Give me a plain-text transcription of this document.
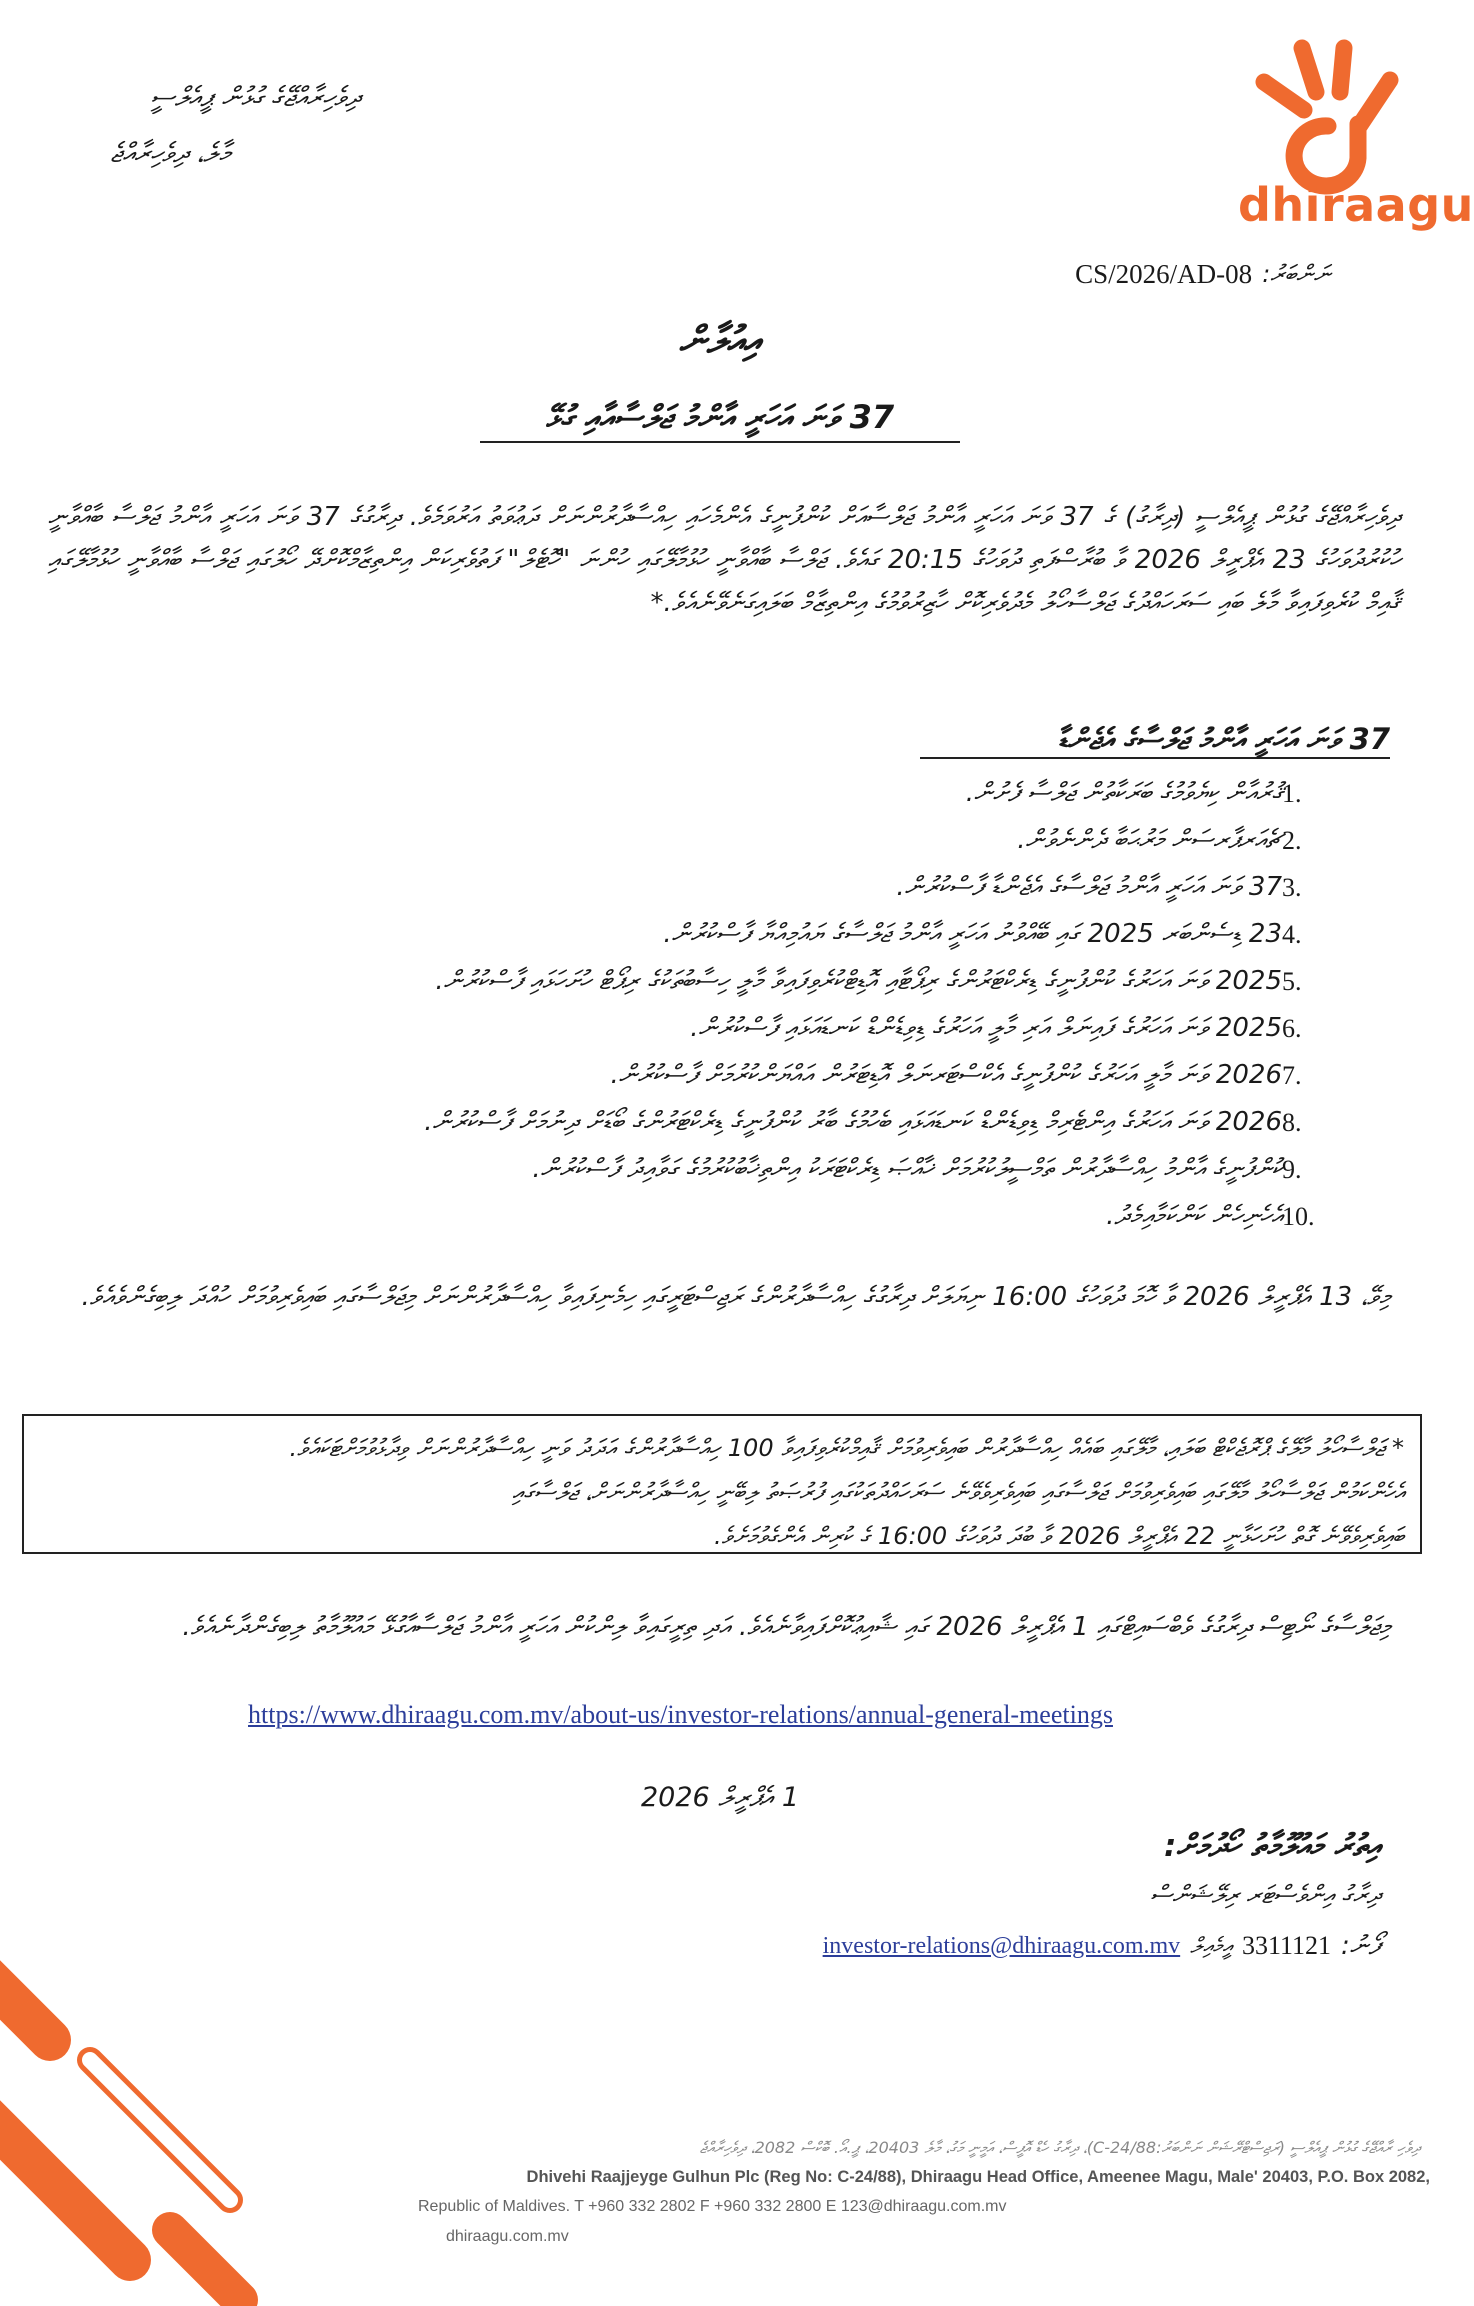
ދިވެހިރާއްޖޭގެ ގުޅުން ޕީއެލްސީ
މާލެ، ދިވެހިރާއްޖެ
dhiraagu
CS/2026/AD-08 ނަންބަރު:
އިއުލާން
37 ވަނަ އަހަރީ އާންމު ޖަލްސާއާއި ގުޅޭ
ދިވެހިރާއްޖޭގެ ގުޅުން ޕީއެލްސީ (ދިރާގު) ގެ 37 ވަނަ އަހަރީ އާންމު ޖަލްސާއަށް ކުންފުނީގެ އެންމެހައި ހިއްސާދާރުންނަށް ދަޢުވަތު އަރުވަމެވެ. ދިރާގުގެ 37 ވަނަ އަހަރީ އާންމު ޖަލްސާ ބާއްވާނީ ހުކުރުދުވަހުގެ 23 އެޕްރީލް 2026 ވާ ބުރާސްފަތި ދުވަހުގެ 20:15 ގައެވެ. ޖަލްސާ ބާއްވާނީ ހުޅުމާލޭގައި ހުންނަ "ހޮޓެލް" ފަތުވެރިކަން އިންތިޒާމްކޮށްދޭ ހޯލުގައި ޖަލްސާ ބާއްވާނީ ހުޅުމާލޭގައި ޤާއިމް ކުރެވިފައިވާ މާލެ ބައި ސަރަހައްދުގެ ޖަލްސާހޯލު މެދުވެރިކޮށް ހާޒިރުވުމުގެ އިންތިޒާމް ބަލައިގަނެވޭނެއެވެ.*
37 ވަނަ އަހަރީ އާންމު ޖަލްސާގެ އެޖެންޑާ
1.
ޤުރުއާން ކިޔެވުމުގެ ބަރަކާތުން ޖަލްސާ ފެށުން.
2.
ޗެއަރޕާރސަން މަރުޙަބާ ދެންނެވުން.
3.
37 ވަނަ އަހަރީ އާންމު ޖަލްސާގެ އެޖެންޑާ ފާސްކުރުން.
4.
23 ޑިސެންބަރ 2025 ގައި ބޭއްވުނު އަހަރީ އާންމު ޖަލްސާގެ ޔައުމިއްޔާ ފާސްކުރުން.
5.
2025 ވަނަ އަހަރުގެ ކުންފުނީގެ ޑިރެކްޓަރުންގެ ރިޕޯޓާއި އޮޑިޓްކުރެވިފައިވާ މާލީ ހިސާބުތަކުގެ ރިޕޯޓް ހުށަހަޅައި ފާސްކުރުން.
6.
2025 ވަނަ އަހަރުގެ ފައިނަލް އަރި މާލީ އަހަރުގެ ޑިވިޑެންޑް ކަނޑައަޅައި ފާސްކުރުން.
7.
2026 ވަނަ މާލީ އަހަރުގެ ކުންފުނީގެ އެކްސްޓަރނަލް އޮޑިޓަރުން އައްޔަންކުރުމަށް ފާސްކުރުން.
8.
2026 ވަނަ އަހަރުގެ އިންޓެރިމް ޑިވިޑެންޑް ކަނޑައަޅައި ބެހުމުގެ ބާރު ކުންފުނީގެ ޑިރެކްޓަރުންގެ ބޯޑަށް ދިނުމަށް ފާސްކުރުން.
9.
ކުންފުނީގެ އާންމު ހިއްސާދާރުން ތަމްސީލުކުރުމަށް ޚާއްޞަ ޑިރެކްޓަރަކު އިންތިޚާބުކުރުމުގެ ގަވާއިދު ފާސްކުރުން.
10.
އެހެނިހެން ކަންކަމާއިމެދު.
މިވޭ، 13 އެޕްރީލް 2026 ވާ ހޮމަ ދުވަހުގެ 16:00 ނިޔަލަށް ދިރާގުގެ ހިއްސާދާރުންގެ ރަޖިސްޓަރީގައި ހިމެނިފައިވާ ހިއްސާދާރުންނަށް މިޖަލްސާގައި ބައިވެރިވުމަށް ހުއްދަ ލިބިގެންވެއެވެ.

* ޖަލްސާހޯލު މާލޭގެ ޕްރޮޖެކްޓް ބަލައި، މާލޭގައި ބައެއް ހިއްސާދާރުން ބައިވެރިވުމަށް ޤާއިމްކުރެވިފައިވާ 100 ހިއްސާދާރުންގެ އަދަދު ވަނީ ހިއްސާދާރުންނަށް ވިދާޅުވުމަށްޓަކައެވެ.

އެހެންކަމުން ޖަލްސާހޯލު މާލޭގައި ބައިވެރިވުމަށް ޖަލްސާގައި ބައިވެރިވެވޭނެ ސަރަހައްދުތަކުގައި ފުރުޞަތު ލިބޭނީ ހިއްސާދާރުންނަށް، ޖަލްސާގައި

ބައިވެރިވެވޭނެ ގޮތް ހުށަހަޅާނީ 22 އެޕްރީލް 2026 ވާ ބުދަ ދުވަހުގެ 16:00 ގެ ކުރިން އެންގެވުމަށެވެ.

މިޖަލްސާގެ ނޯޓިސް ދިރާގުގެ ވެބްސައިޓްގައި 1 އެޕްރީލް 2026 ގައި ޝާއިޢުކޮށްފައިވާނެއެވެ. އަދި ތިރީގައިވާ ލިންކުން އަހަރީ އާންމު ޖަލްސާއާގުޅޭ މައުލޫމާތު ލިބިގެންދާނެއެވެ.
https://www.dhiraagu.com.mv/about-us/investor-relations/annual-general-meetings
1 އެޕްރީލް 2026
އިތުރު މައުލޫމާތު ހޯދުމަށް:
ދިރާގު އިންވެސްޓަރ ރިލޭޝަންސް
ފޯނު:
3311121
އީމެއިލް
investor-relations@dhiraagu.com.mv
ދިވެހި ރާއްޖޭގެ ގުޅުން ޕީއެލްސީ (ރަޖިސްޓްރޭޝަން ނަންބަރު:C-24/88)، ދިރާގު ހެޑް އޮފީސް، އަމީނީ މަގު، މާލެ 20403، ޕީ.އޯ. ބޮކްސް 2082، ދިވެހިރާއްޖެ
Dhivehi Raajjeyge Gulhun Plc (Reg No: C-24/88), Dhiraagu Head Office, Ameenee Magu, Male' 20403, P.O. Box 2082,
Republic of Maldives. T +960 332 2802 F +960 332 2800 E 123@dhiraagu.com.mv
dhiraagu.com.mv
